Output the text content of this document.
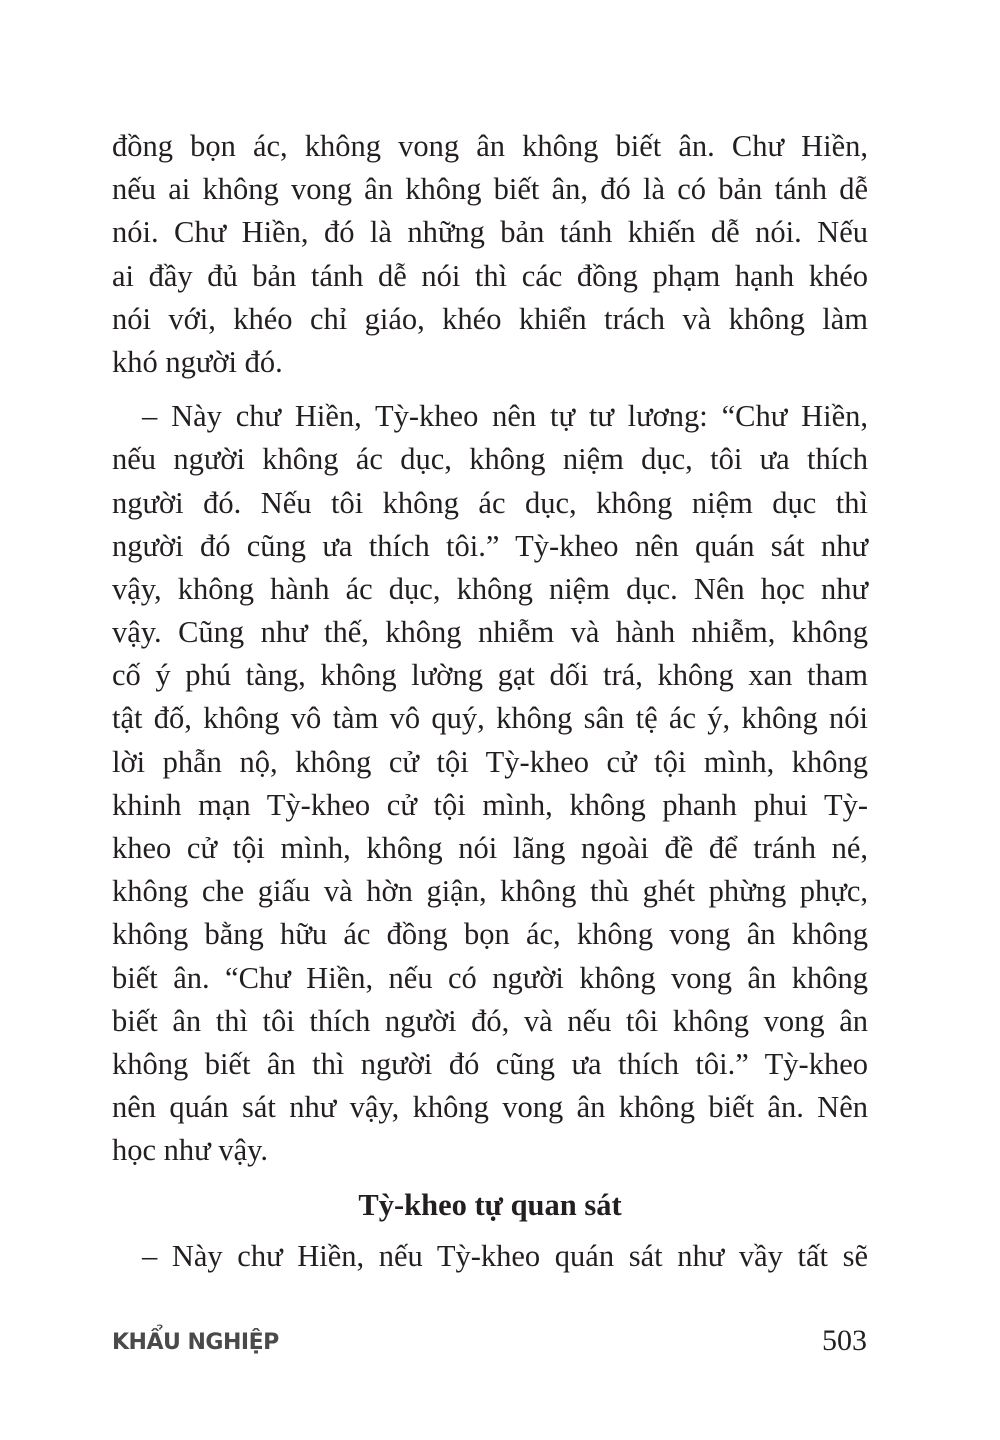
đồng bọn ác, không vong ân không biết ân. Chư Hiền,
nếu ai không vong ân không biết ân, đó là có bản tánh dễ
nói. Chư Hiền, đó là những bản tánh khiến dễ nói. Nếu
ai đầy đủ bản tánh dễ nói thì các đồng phạm hạnh khéo
nói với, khéo chỉ giáo, khéo khiển trách và không làm
khó người đó.
– Này chư Hiền, Tỳ-kheo nên tự tư lương: “Chư Hiền,
nếu người không ác dục, không niệm dục, tôi ưa thích
người đó. Nếu tôi không ác dục, không niệm dục thì
người đó cũng ưa thích tôi.” Tỳ-kheo nên quán sát như
vậy, không hành ác dục, không niệm dục. Nên học như
vậy. Cũng như thế, không nhiễm và hành nhiễm, không
cố ý phú tàng, không lường gạt dối trá, không xan tham
tật đố, không vô tàm vô quý, không sân tệ ác ý, không nói
lời phẫn nộ, không cử tội Tỳ-kheo cử tội mình, không
khinh mạn Tỳ-kheo cử tội mình, không phanh phui Tỳ-
kheo cử tội mình, không nói lãng ngoài đề để tránh né,
không che giấu và hờn giận, không thù ghét phừng phực,
không bằng hữu ác đồng bọn ác, không vong ân không
biết ân. “Chư Hiền, nếu có người không vong ân không
biết ân thì tôi thích người đó, và nếu tôi không vong ân
không biết ân thì người đó cũng ưa thích tôi.” Tỳ-kheo
nên quán sát như vậy, không vong ân không biết ân. Nên
học như vậy.
Tỳ-kheo tự quan sát
– Này chư Hiền, nếu Tỳ-kheo quán sát như vầy tất sẽ
KHẨU NGHIỆP	503
